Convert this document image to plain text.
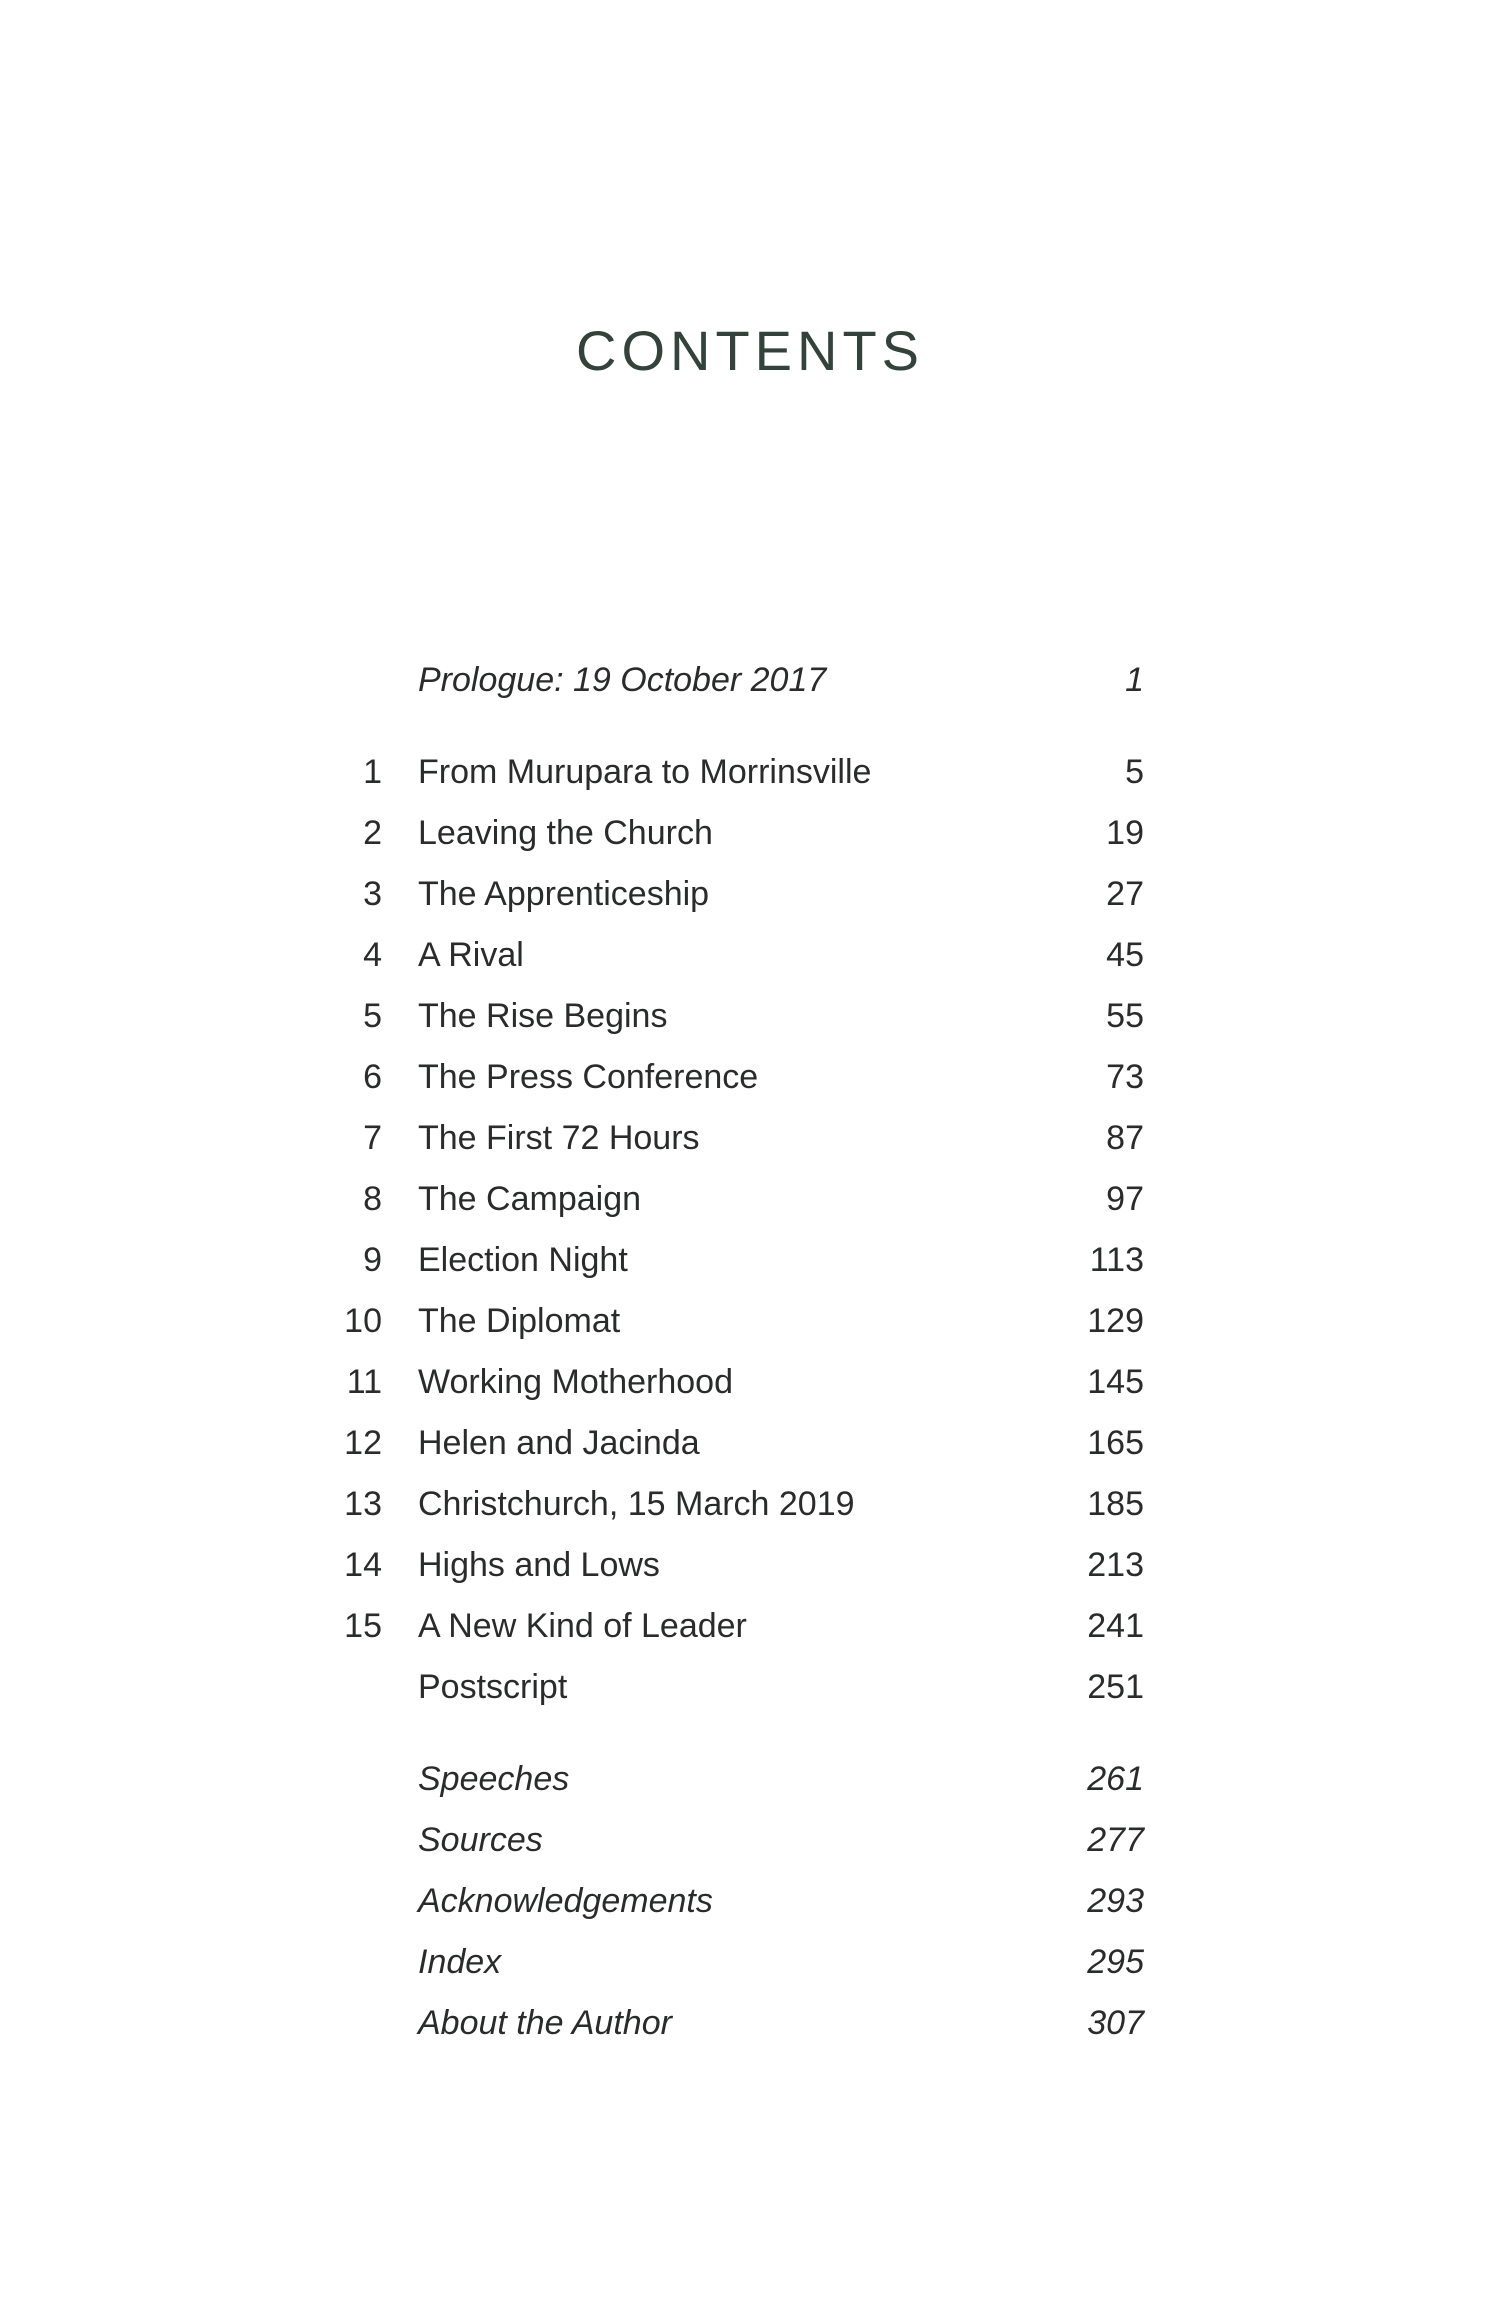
CONTENTS
Prologue: 19 October 2017	1
1 From Murupara to Morrinsville	5
2 Leaving the Church	19
3 The Apprenticeship	27
4 A Rival	45
5 The Rise Begins	55
6 The Press Conference	73
7 The First 72 Hours	87
8 The Campaign	97
9 Election Night	113
10 The Diplomat	129
11 Working Motherhood	145
12 Helen and Jacinda	165
13 Christchurch, 15 March 2019	185
14 Highs and Lows	213
15 A New Kind of Leader	241
Postscript	251
Speeches	261
Sources	277
Acknowledgements	293
Index	295
About the Author	307
